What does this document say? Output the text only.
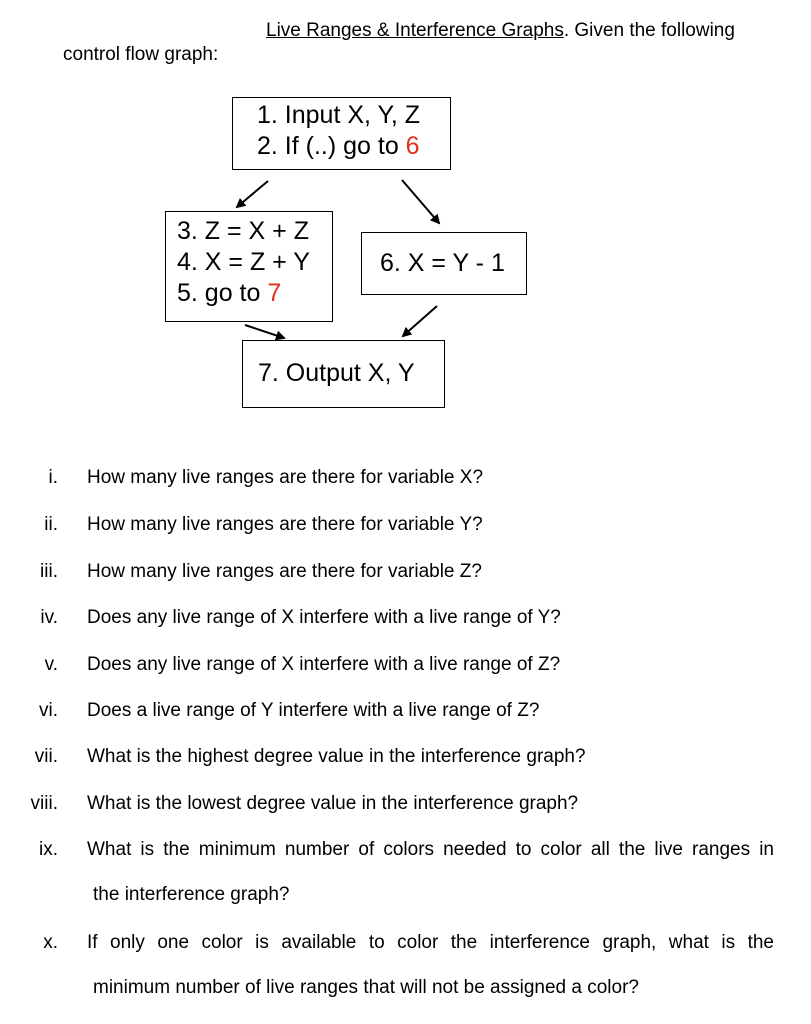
Live Ranges & Interference Graphs. Given the following
control flow graph:
1. Input X, Y, Z
2. If (..) go to 6
3. Z = X + Z
4. X = Z + Y
5. go to 7
6. X = Y - 1
7. Output X, Y
i. How many live ranges are there for variable X?
ii. How many live ranges are there for variable Y?
iii. How many live ranges are there for variable Z?
iv. Does any live range of X interfere with a live range of Y?
v. Does any live range of X interfere with a live range of Z?
vi. Does a live range of Y interfere with a live range of Z?
vii. What is the highest degree value in the interference graph?
viii. What is the lowest degree value in the interference graph?
ix. What is the minimum number of colors needed to color all the live ranges in
the interference graph?
x. If only one color is available to color the interference graph, what is the
minimum number of live ranges that will not be assigned a color?
